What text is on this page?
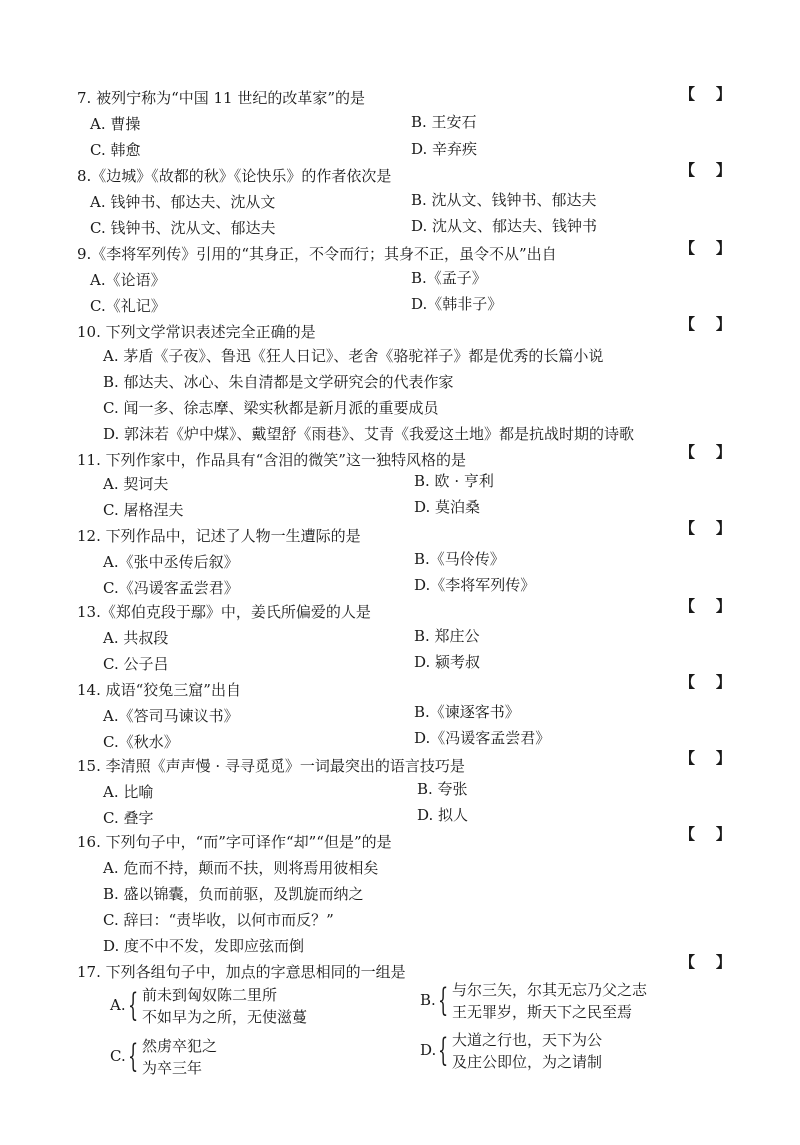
7. 被列宁称为“中国 11 世纪的改革家”的是	【    】
A. 曹操	B. 王安石
C. 韩愈	D. 辛弃疾
8.《边城》《故都的秋》《论快乐》的作者依次是	【    】
A. 钱钟书、郁达夫、沈从文	B. 沈从文、钱钟书、郁达夫
C. 钱钟书、沈从文、郁达夫	D. 沈从文、郁达夫、钱钟书
9.《李将军列传》引用的“其身正，不令而行；其身不正，虽令不从”出自	【    】
A.《论语》	B.《孟子》
C.《礼记》	D.《韩非子》
10. 下列文学常识表述完全正确的是	【    】
A. 茅盾《子夜》、鲁迅《狂人日记》、老舍《骆驼祥子》都是优秀的长篇小说
B. 郁达夫、冰心、朱自清都是文学研究会的代表作家
C. 闻一多、徐志摩、梁实秋都是新月派的重要成员
D. 郭沫若《炉中煤》、戴望舒《雨巷》、艾青《我爱这土地》都是抗战时期的诗歌
11. 下列作家中，作品具有“含泪的微笑”这一独特风格的是	【    】
A. 契诃夫	B. 欧 · 亨利
C. 屠格涅夫	D. 莫泊桑
12. 下列作品中，记述了人物一生遭际的是	【    】
A.《张中丞传后叙》	B.《马伶传》
C.《冯谖客孟尝君》	D.《李将军列传》
13.《郑伯克段于鄢》中，姜氏所偏爱的人是	【    】
A. 共叔段	B. 郑庄公
C. 公子吕	D. 颍考叔
14. 成语“狡兔三窟”出自	【    】
A.《答司马谏议书》	B.《谏逐客书》
C.《秋水》	D.《冯谖客孟尝君》
15. 李清照《声声慢 · 寻寻觅觅》一词最突出的语言技巧是	【    】
A. 比喻	B. 夸张
C. 叠字	D. 拟人
16. 下列句子中，“而”字可译作“却”“但是”的是	【    】
A. 危而不持，颠而不扶，则将焉用彼相矣
B. 盛以锦囊，负而前驱，及凯旋而纳之
C. 辞曰：“责毕收，以何市而反？”
D. 度不中不发，发即应弦而倒
17. 下列各组句子中，加点的字意思相同的一组是
【    】
A. { 前未到匈奴陈二里所
不如早为之所，无使滋蔓
B. { 与尔三矢，尔其无忘乃父之志
王无罪岁，斯天下之民至焉
C. { 然虏卒犯之
为卒三年
D. { 大道之行也，天下为公
及庄公即位，为之请制
